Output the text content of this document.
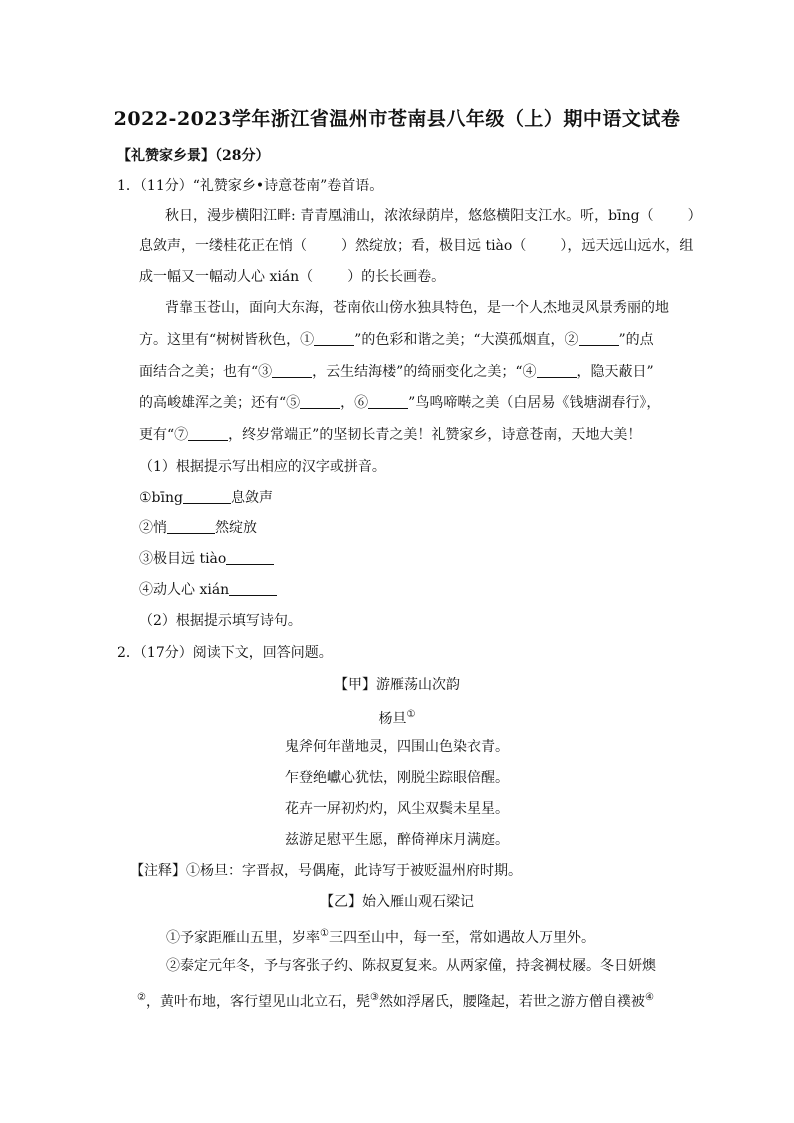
2022-2023学年浙江省温州市苍南县八年级（上）期中语文试卷
【礼赞家乡景】（28分）
1．（11分）“礼赞家乡•诗意苍南”卷首语。
秋日，漫步横阳江畔: 青青凰浦山，浓浓绿荫岸，悠悠横阳支江水。听，bīng（ ）
息敛声，一缕桂花正在悄（ ）然绽放；看，极目远 tiào（ ），远天远山远水，组
成一幅又一幅动人心 xián（ ）的长长画卷。
背靠玉苍山，面向大东海，苍南依山傍水独具特色，是一个人杰地灵风景秀丽的地
方。这里有“树树皆秋色，①	”的色彩和谐之美；“大漠孤烟直，②	”的点
面结合之美；也有“③	，云生结海楼”的绮丽变化之美；“④	，隐天蔽日”
的高峻雄浑之美；还有“⑤	，⑥	”鸟鸣啼啭之美（白居易《钱塘湖春行》，
更有“⑦	，终岁常端正”的坚韧长青之美！礼赞家乡，诗意苍南，天地大美！
（1）根据提示写出相应的汉字或拼音。
①bīng	息敛声
②悄	然绽放
③极目远 tiào
④动人心 xián
（2）根据提示填写诗句。
2．（17分）阅读下文，回答问题。
【甲】游雁荡山次韵
杨旦①
鬼斧何年凿地灵，四围山色染衣青。
乍登绝巘心犹怯，刚脱尘踪眼倍醒。
花卉一屏初灼灼，风尘双鬓未星星。
兹游足慰平生愿，醉倚禅床月满庭。
【注释】①杨旦：字晋叔，号偶庵，此诗写于被贬温州府时期。
【乙】始入雁山观石梁记
①予家距雁山五里，岁率①三四至山中，每一至，常如遇故人万里外。
②泰定元年冬，予与客张子约、陈叔夏复来。从两家僮，持衾裯杖屦。冬日妍燠
②，黄叶布地，客行望见山北立石，髡③然如浮屠氏，腰隆起，若世之游方僧自襆被④
